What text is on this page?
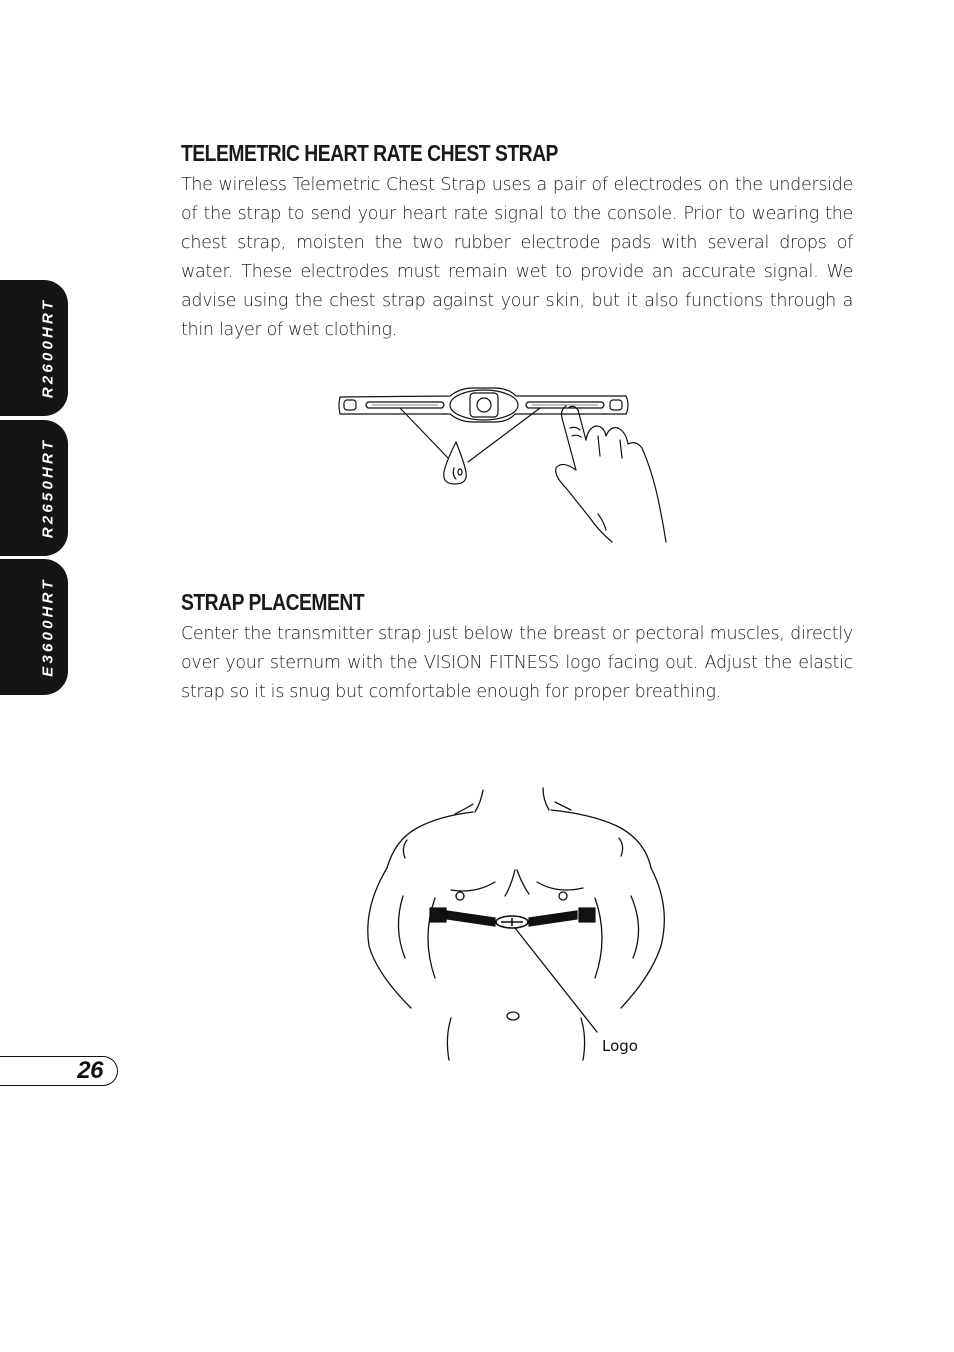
R2600HRT
R2650HRT
E3600HRT
TELEMETRIC HEART RATE CHEST STRAP

The wireless Telemetric Chest Strap uses a pair of electrodes on the underside of the strap to send your heart rate signal to the console. Prior to wearing the chest strap, moisten the two rubber electrode pads with several drops of water. These electrodes must remain wet to provide an accurate signal. We advise using the chest strap against your skin, but it also functions through a thin layer of wet clothing.

STRAP PLACEMENT

Center the transmitter strap just below the breast or pectoral muscles, directly over your sternum with the VISION FITNESS logo facing out. Adjust the elastic strap so it is snug but comfortable enough for proper breathing.

Logo
26
